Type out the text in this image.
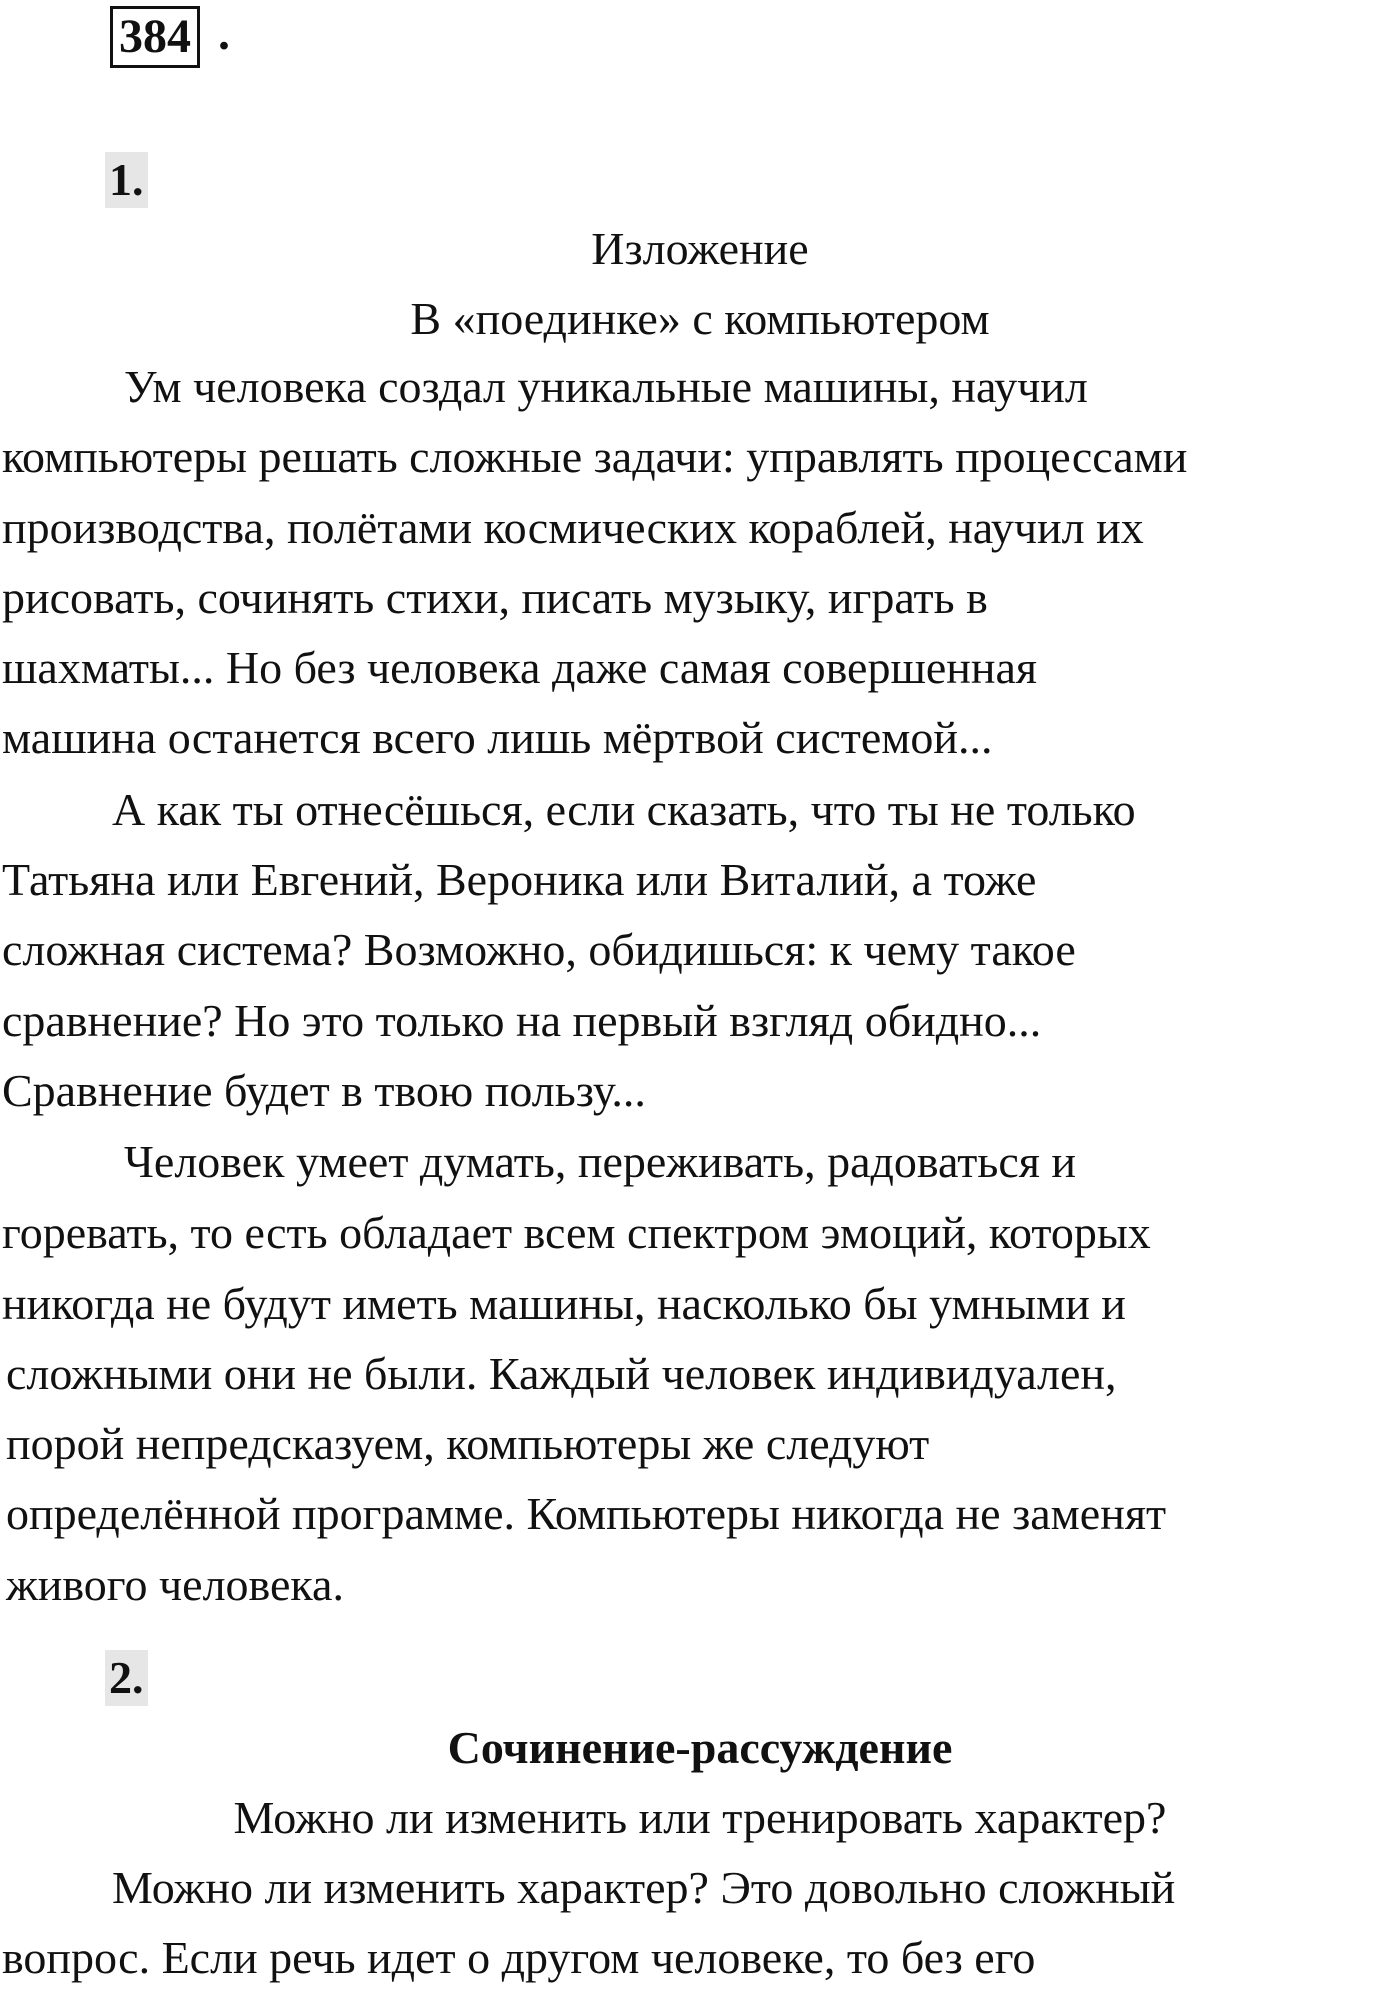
384 .
1.
Изложение
В «поединке» с компьютером
Ум человека создал уникальные машины, научил
компьютеры решать сложные задачи: управлять процессами
производства, полётами космических кораблей, научил их
рисовать, сочинять стихи, писать музыку, играть в
шахматы... Но без человека даже самая совершенная
машина останется всего лишь мёртвой системой...
А как ты отнесёшься, если сказать, что ты не только
Татьяна или Евгений, Вероника или Виталий, а тоже
сложная система? Возможно, обидишься: к чему такое
сравнение? Но это только на первый взгляд обидно...
Сравнение будет в твою пользу...
Человек умеет думать, переживать, радоваться и
горевать, то есть обладает всем спектром эмоций, которых
никогда не будут иметь машины, насколько бы умными и
сложными они не были. Каждый человек индивидуален,
порой непредсказуем, компьютеры же следуют
определённой программе. Компьютеры никогда не заменят
живого человека.
2.
Сочинение-рассуждение
Можно ли изменить или тренировать характер?
Можно ли изменить характер? Это довольно сложный
вопрос. Если речь идет о другом человеке, то без его
